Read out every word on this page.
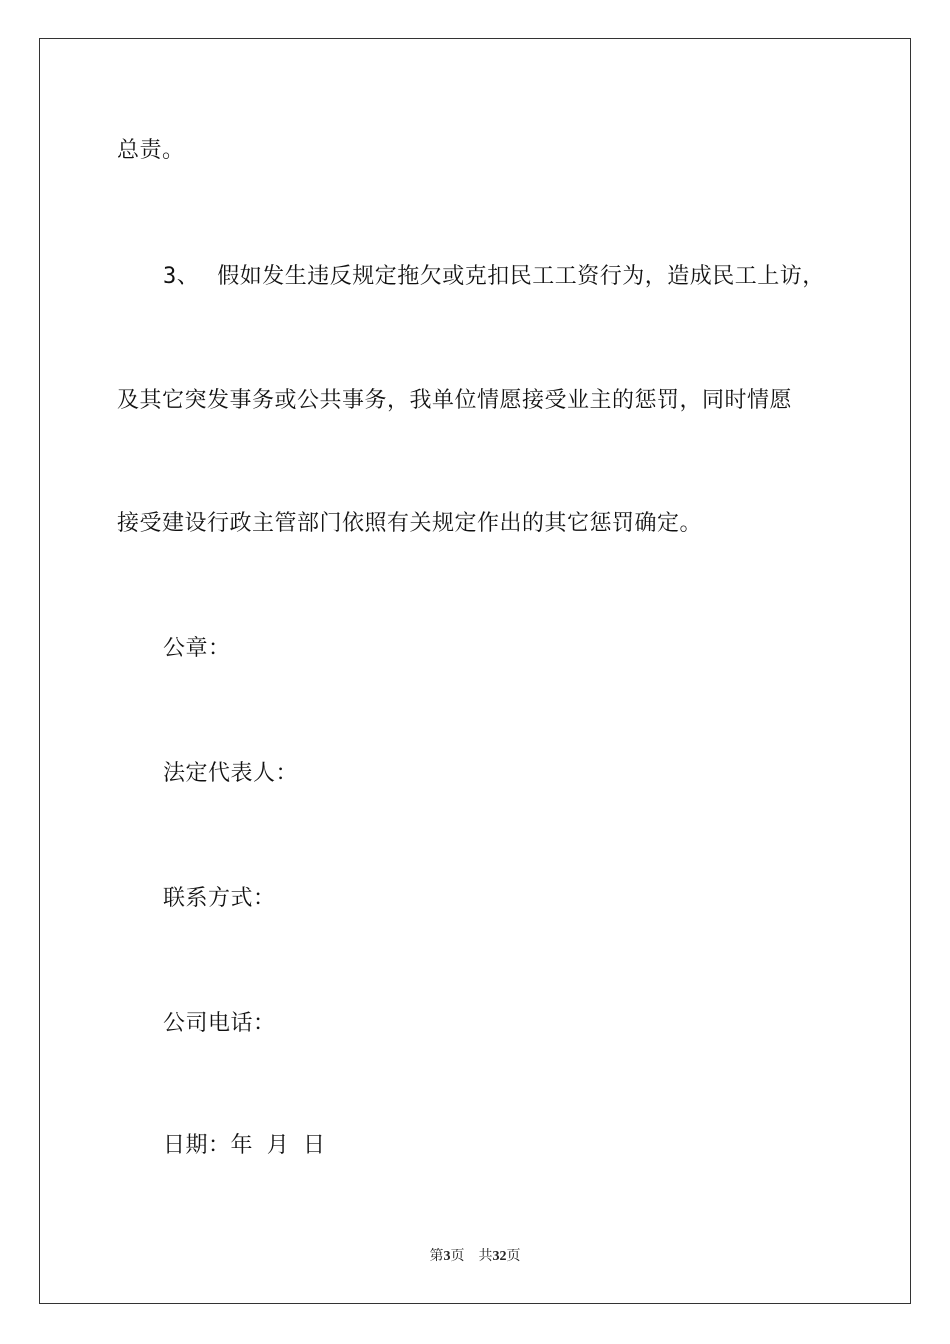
总责。
3、 假如发生违反规定拖欠或克扣民工工资行为，造成民工上访，
及其它突发事务或公共事务，我单位情愿接受业主的惩罚，同时情愿
接受建设行政主管部门依照有关规定作出的其它惩罚确定。
公章：
法定代表人：
联系方式：
公司电话：
日期：年 月 日
第3页 共32页
